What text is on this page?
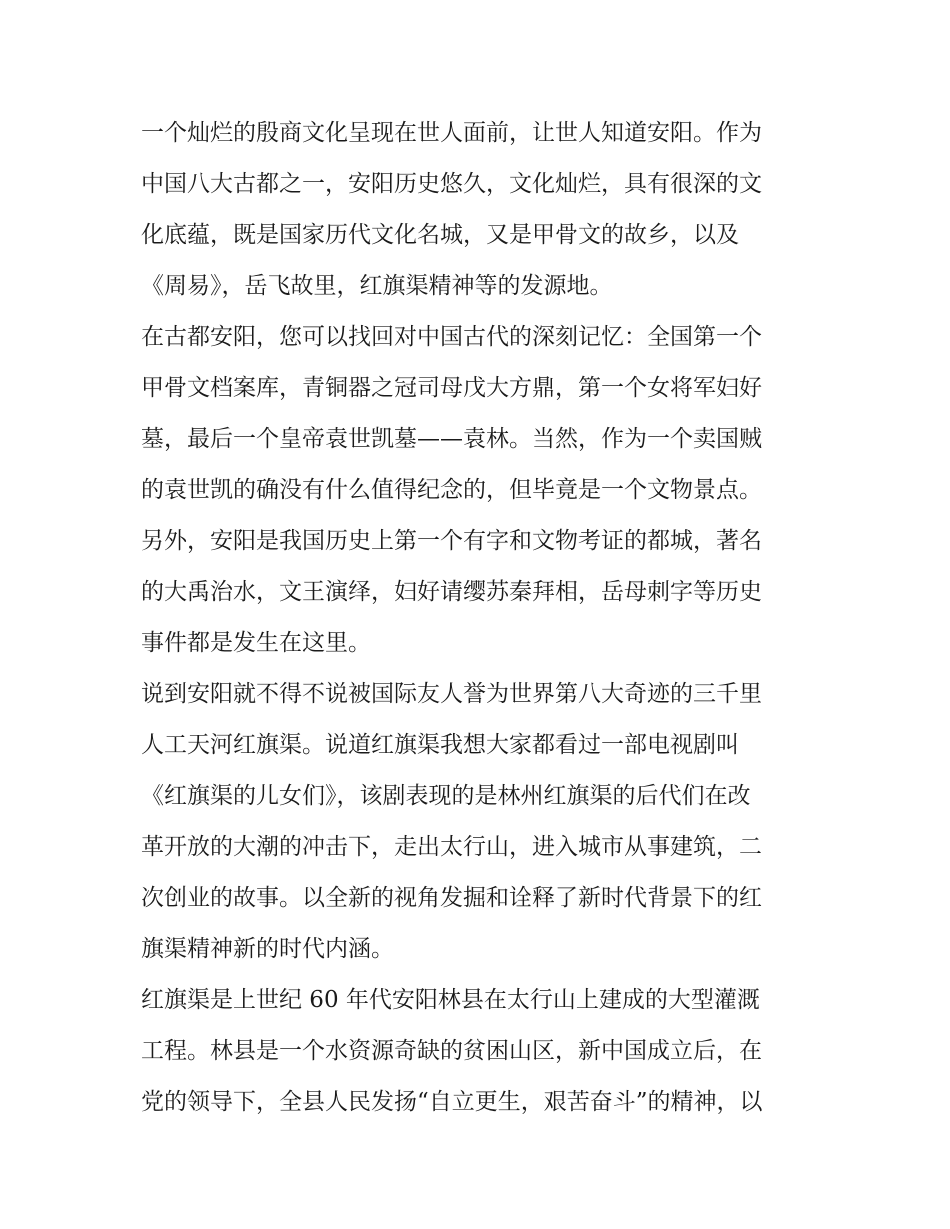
一个灿烂的殷商文化呈现在世人面前，让世人知道安阳。作为
中国八大古都之一，安阳历史悠久，文化灿烂，具有很深的文
化底蕴，既是国家历代文化名城，又是甲骨文的故乡，以及
《周易》，岳飞故里，红旗渠精神等的发源地。
在古都安阳，您可以找回对中国古代的深刻记忆：全国第一个
甲骨文档案库，青铜器之冠司母戊大方鼎，第一个女将军妇好
墓，最后一个皇帝袁世凯墓——袁林。当然，作为一个卖国贼
的袁世凯的确没有什么值得纪念的，但毕竟是一个文物景点。
另外，安阳是我国历史上第一个有字和文物考证的都城，著名
的大禹治水，文王演绎，妇好请缨苏秦拜相，岳母刺字等历史
事件都是发生在这里。
说到安阳就不得不说被国际友人誉为世界第八大奇迹的三千里
人工天河红旗渠。说道红旗渠我想大家都看过一部电视剧叫
《红旗渠的儿女们》，该剧表现的是林州红旗渠的后代们在改
革开放的大潮的冲击下，走出太行山，进入城市从事建筑，二
次创业的故事。以全新的视角发掘和诠释了新时代背景下的红
旗渠精神新的时代内涵。
红旗渠是上世纪 60 年代安阳林县在太行山上建成的大型灌溉
工程。林县是一个水资源奇缺的贫困山区，新中国成立后，在
党的领导下，全县人民发扬“自立更生，艰苦奋斗”的精神，以
